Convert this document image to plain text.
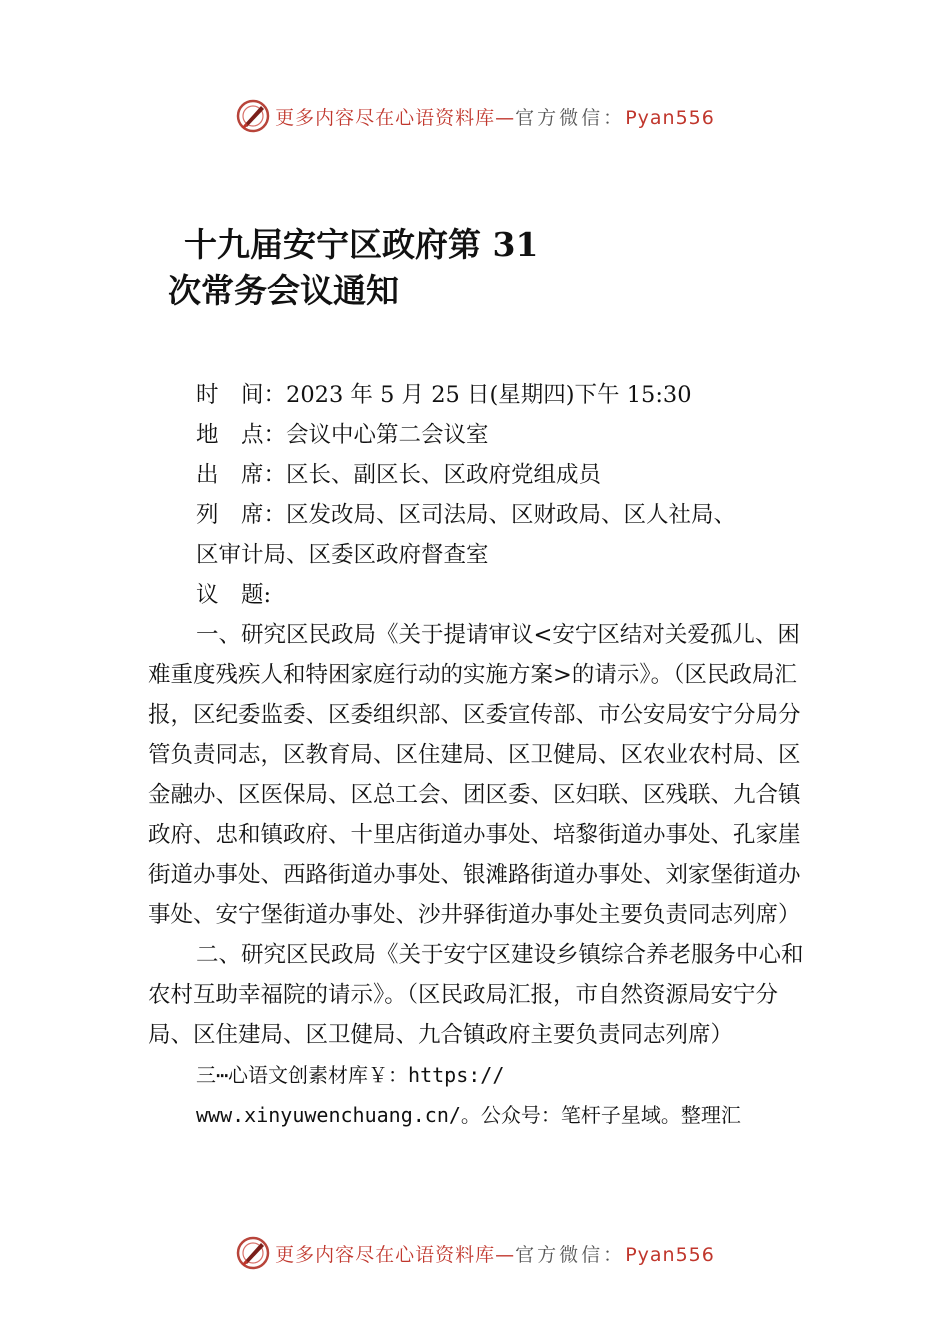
更多内容尽在心语资料库—官方微信：Pyan556
十九届安宁区政府第 31
次常务会议通知
时　间：2023 年 5 月 25 日(星期四)下午 15:30
地　点：会议中心第二会议室
出　席：区长、副区长、区政府党组成员
列　席：区发改局、区司法局、区财政局、区人社局、
区审计局、区委区政府督查室
议　题:
一、研究区民政局《关于提请审议<安宁区结对关爱孤儿、困难重度残疾人和特困家庭行动的实施方案>的请示》。（区民政局汇报，区纪委监委、区委组织部、区委宣传部、市公安局安宁分局分管负责同志，区教育局、区住建局、区卫健局、区农业农村局、区金融办、区医保局、区总工会、团区委、区妇联、区残联、九合镇政府、忠和镇政府、十里店街道办事处、培黎街道办事处、孔家崖街道办事处、西路街道办事处、银滩路街道办事处、刘家堡街道办事处、安宁堡街道办事处、沙井驿街道办事处主要负责同志列席）
二、研究区民政局《关于安宁区建设乡镇综合养老服务中心和农村互助幸福院的请示》。（区民政局汇报，市自然资源局安宁分局、区住建局、区卫健局、九合镇政府主要负责同志列席）
三⋯心语文创素材库￥：https://
www.xinyuwenchuang.cn/。公众号：笔杆子星域。整理汇
更多内容尽在心语资料库—官方微信：Pyan556
